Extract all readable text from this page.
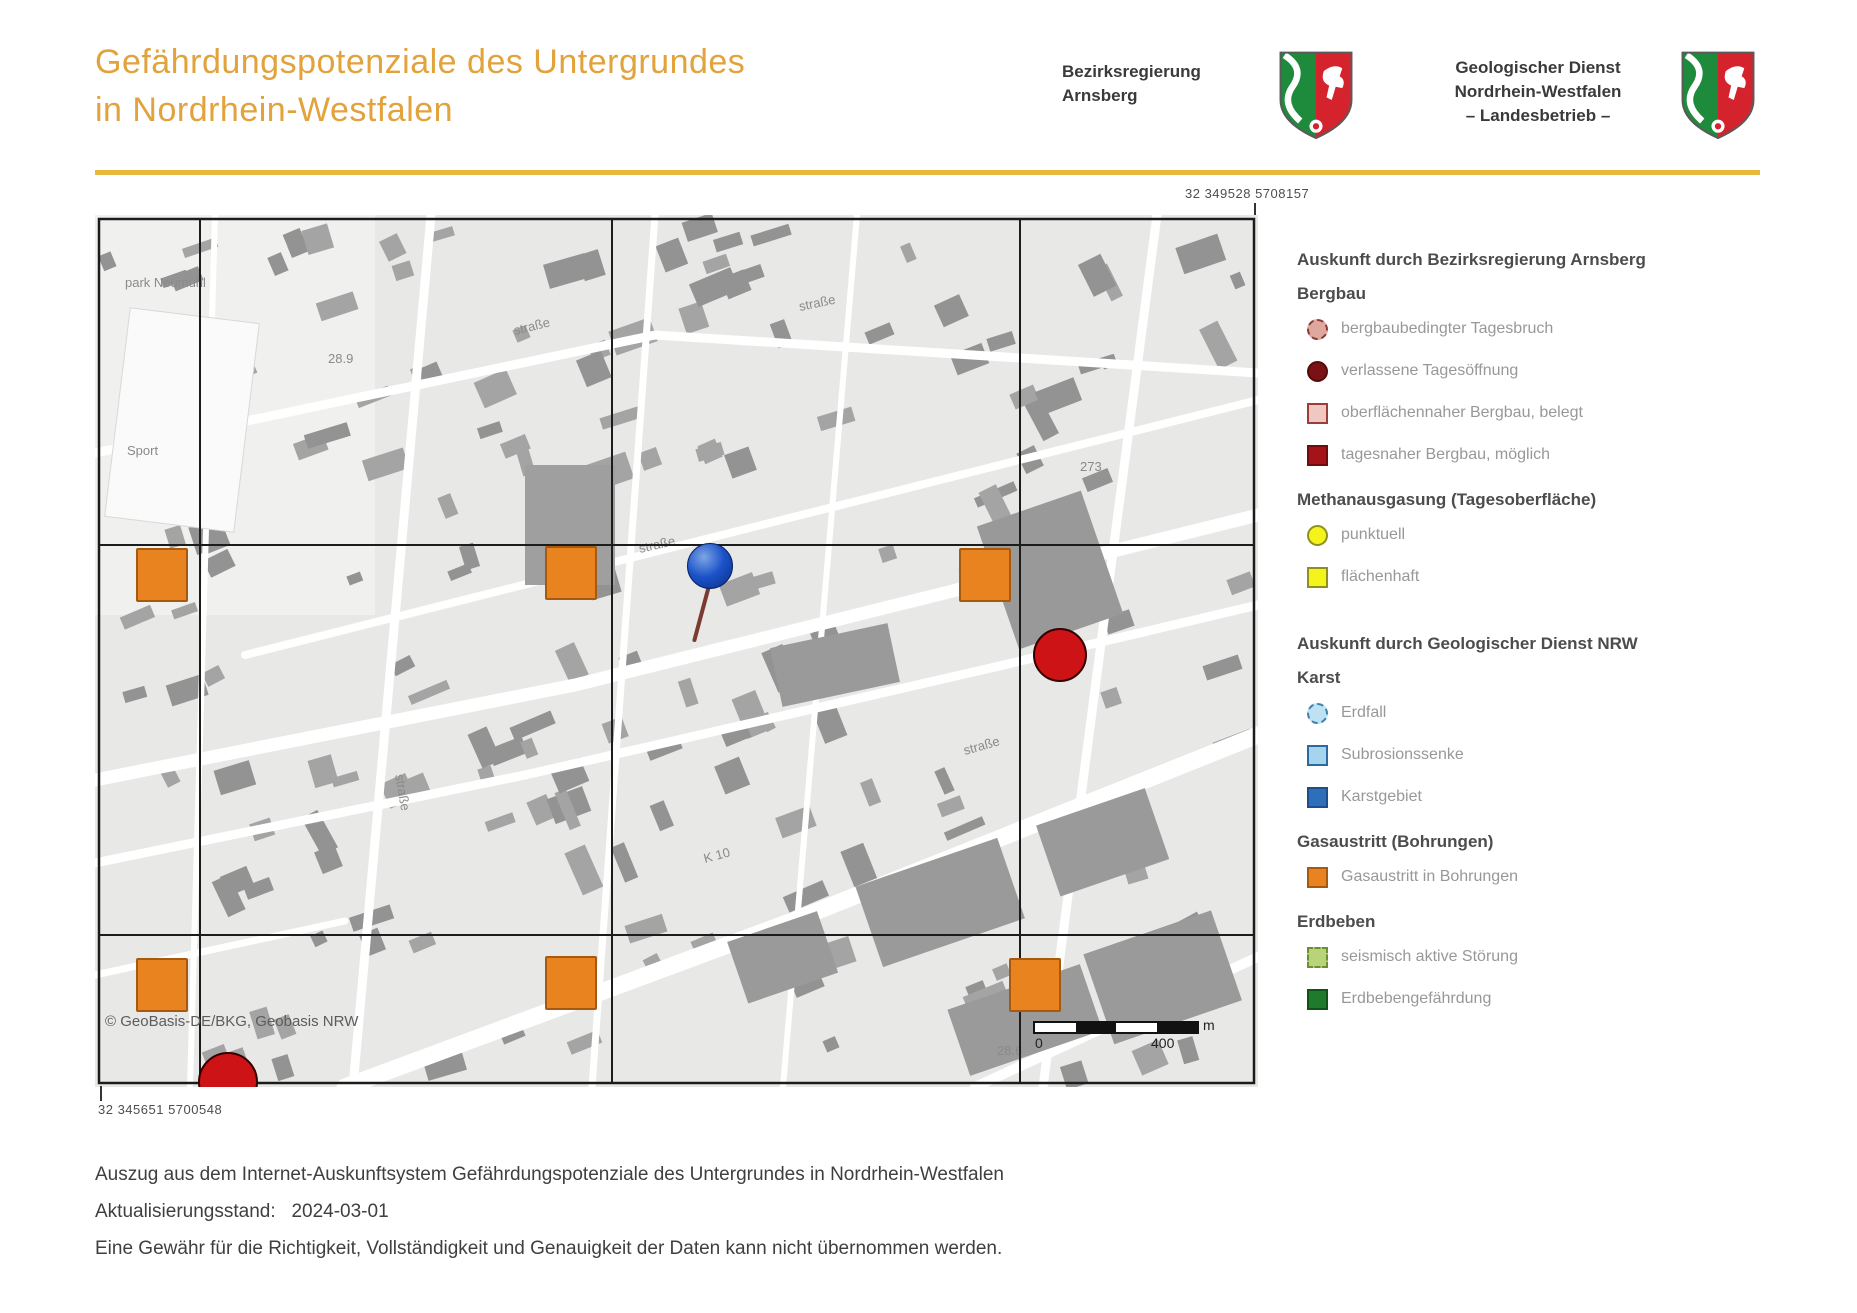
Gefährdungspotenziale des Untergrundes
in Nordrhein-Westfalen
Bezirksregierung
Arnsberg
Geologischer Dienst
Nordrhein-Westfalen
– Landesbetrieb –
32 349528 5708157
park Neumühl
Sport
28.9
straße
straße
273
straße
straße
straße
K 10
28.6
© GeoBasis-DE/BKG, Geobasis NRW
0	400
m
32 345651 5700548
Auskunft durch Bezirksregierung Arnsberg
Bergbau
bergbaubedingter Tagesbruch
verlassene Tagesöffnung
oberflächennaher Bergbau, belegt
tagesnaher Bergbau, möglich
Methanausgasung (Tagesoberfläche)
punktuell
flächenhaft
Auskunft durch Geologischer Dienst NRW
Karst
Erdfall
Subrosionssenke
Karstgebiet
Gasaustritt (Bohrungen)
Gasaustritt in Bohrungen
Erdbeben
seismisch aktive Störung
Erdbebengefährdung
Auszug aus dem Internet-Auskunftsystem Gefährdungspotenziale des Untergrundes in Nordrhein-Westfalen
Aktualisierungsstand: 2024-03-01
Eine Gewähr für die Richtigkeit, Vollständigkeit und Genauigkeit der Daten kann nicht übernommen werden.
